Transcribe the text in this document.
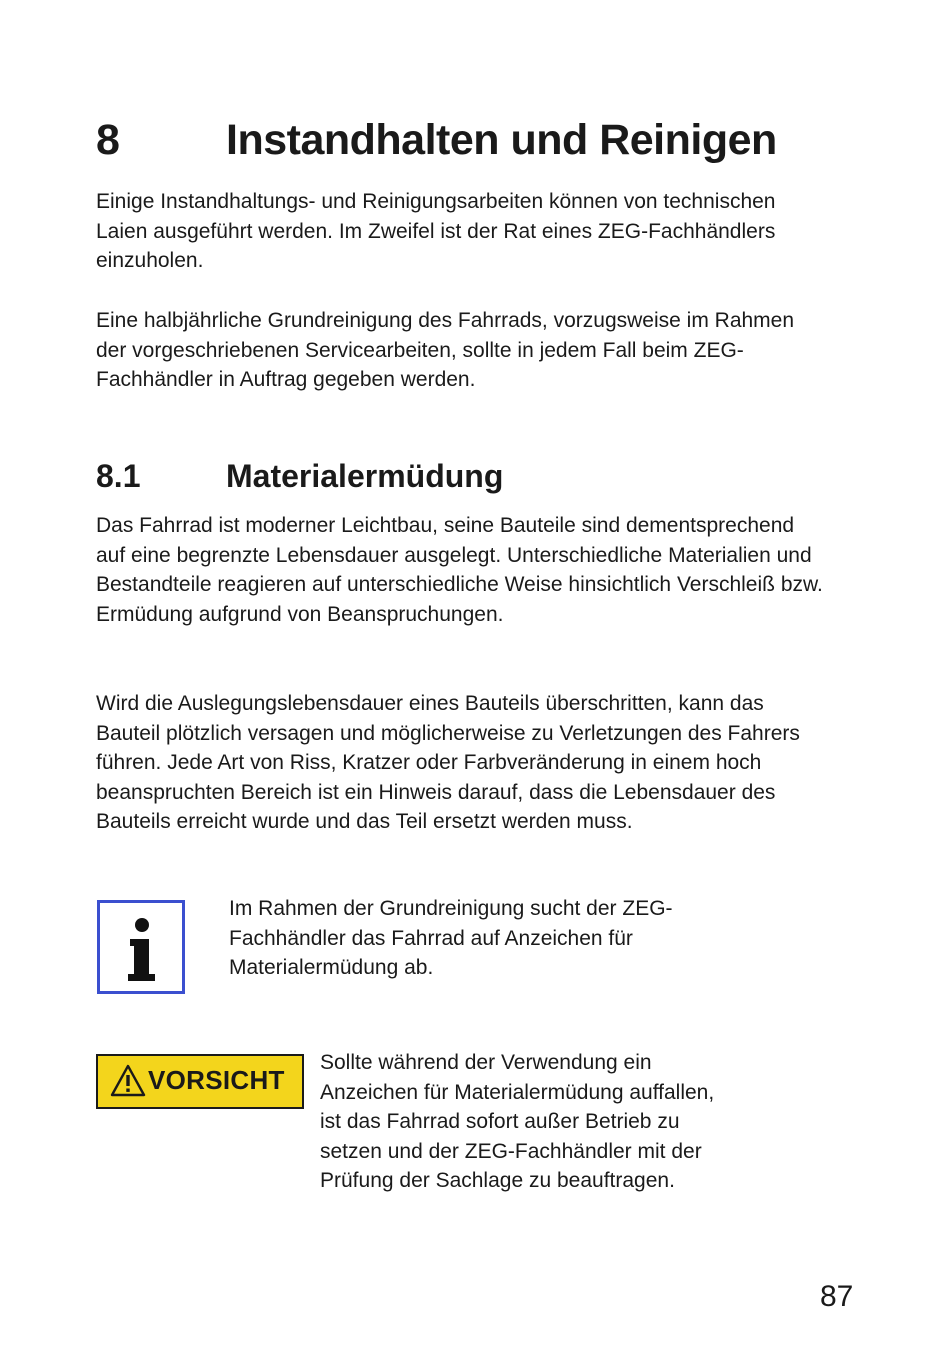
8 Instandhalten und Reinigen

Einige Instandhaltungs- und Reinigungsarbeiten können von technischen Laien ausgeführt werden. Im Zweifel ist der Rat eines ZEG-Fachhändlers einzuholen.

Eine halbjährliche Grundreinigung des Fahrrads, vorzugsweise im Rahmen der vorgeschriebenen Servicearbeiten, sollte in jedem Fall beim ZEG-Fachhändler in Auftrag gegeben werden.

8.1	Materialermüdung

Das Fahrrad ist moderner Leichtbau, seine Bauteile sind dementsprechend auf eine begrenzte Lebensdauer ausgelegt. Unterschiedliche Materialien und Bestandteile reagieren auf unterschiedliche Weise hinsichtlich Verschleiß bzw. Ermüdung aufgrund von Beanspruchungen.

Wird die Auslegungslebensdauer eines Bauteils überschritten, kann das Bauteil plötzlich versagen und möglicherweise zu Verletzungen des Fahrers führen. Jede Art von Riss, Kratzer oder Farbveränderung in einem hoch beanspruchten Bereich ist ein Hinweis darauf, dass die Lebensdauer des Bauteils erreicht wurde und das Teil ersetzt werden muss.

Im Rahmen der Grundreinigung sucht der ZEG-
Fachhändler das Fahrrad auf Anzeichen für
Materialermüdung ab.
VORSICHT
Sollte während der Verwendung ein
Anzeichen für Materialermüdung auffallen,
ist das Fahrrad sofort außer Betrieb zu
setzen und der ZEG-Fachhändler mit der
Prüfung der Sachlage zu beauftragen.
87
